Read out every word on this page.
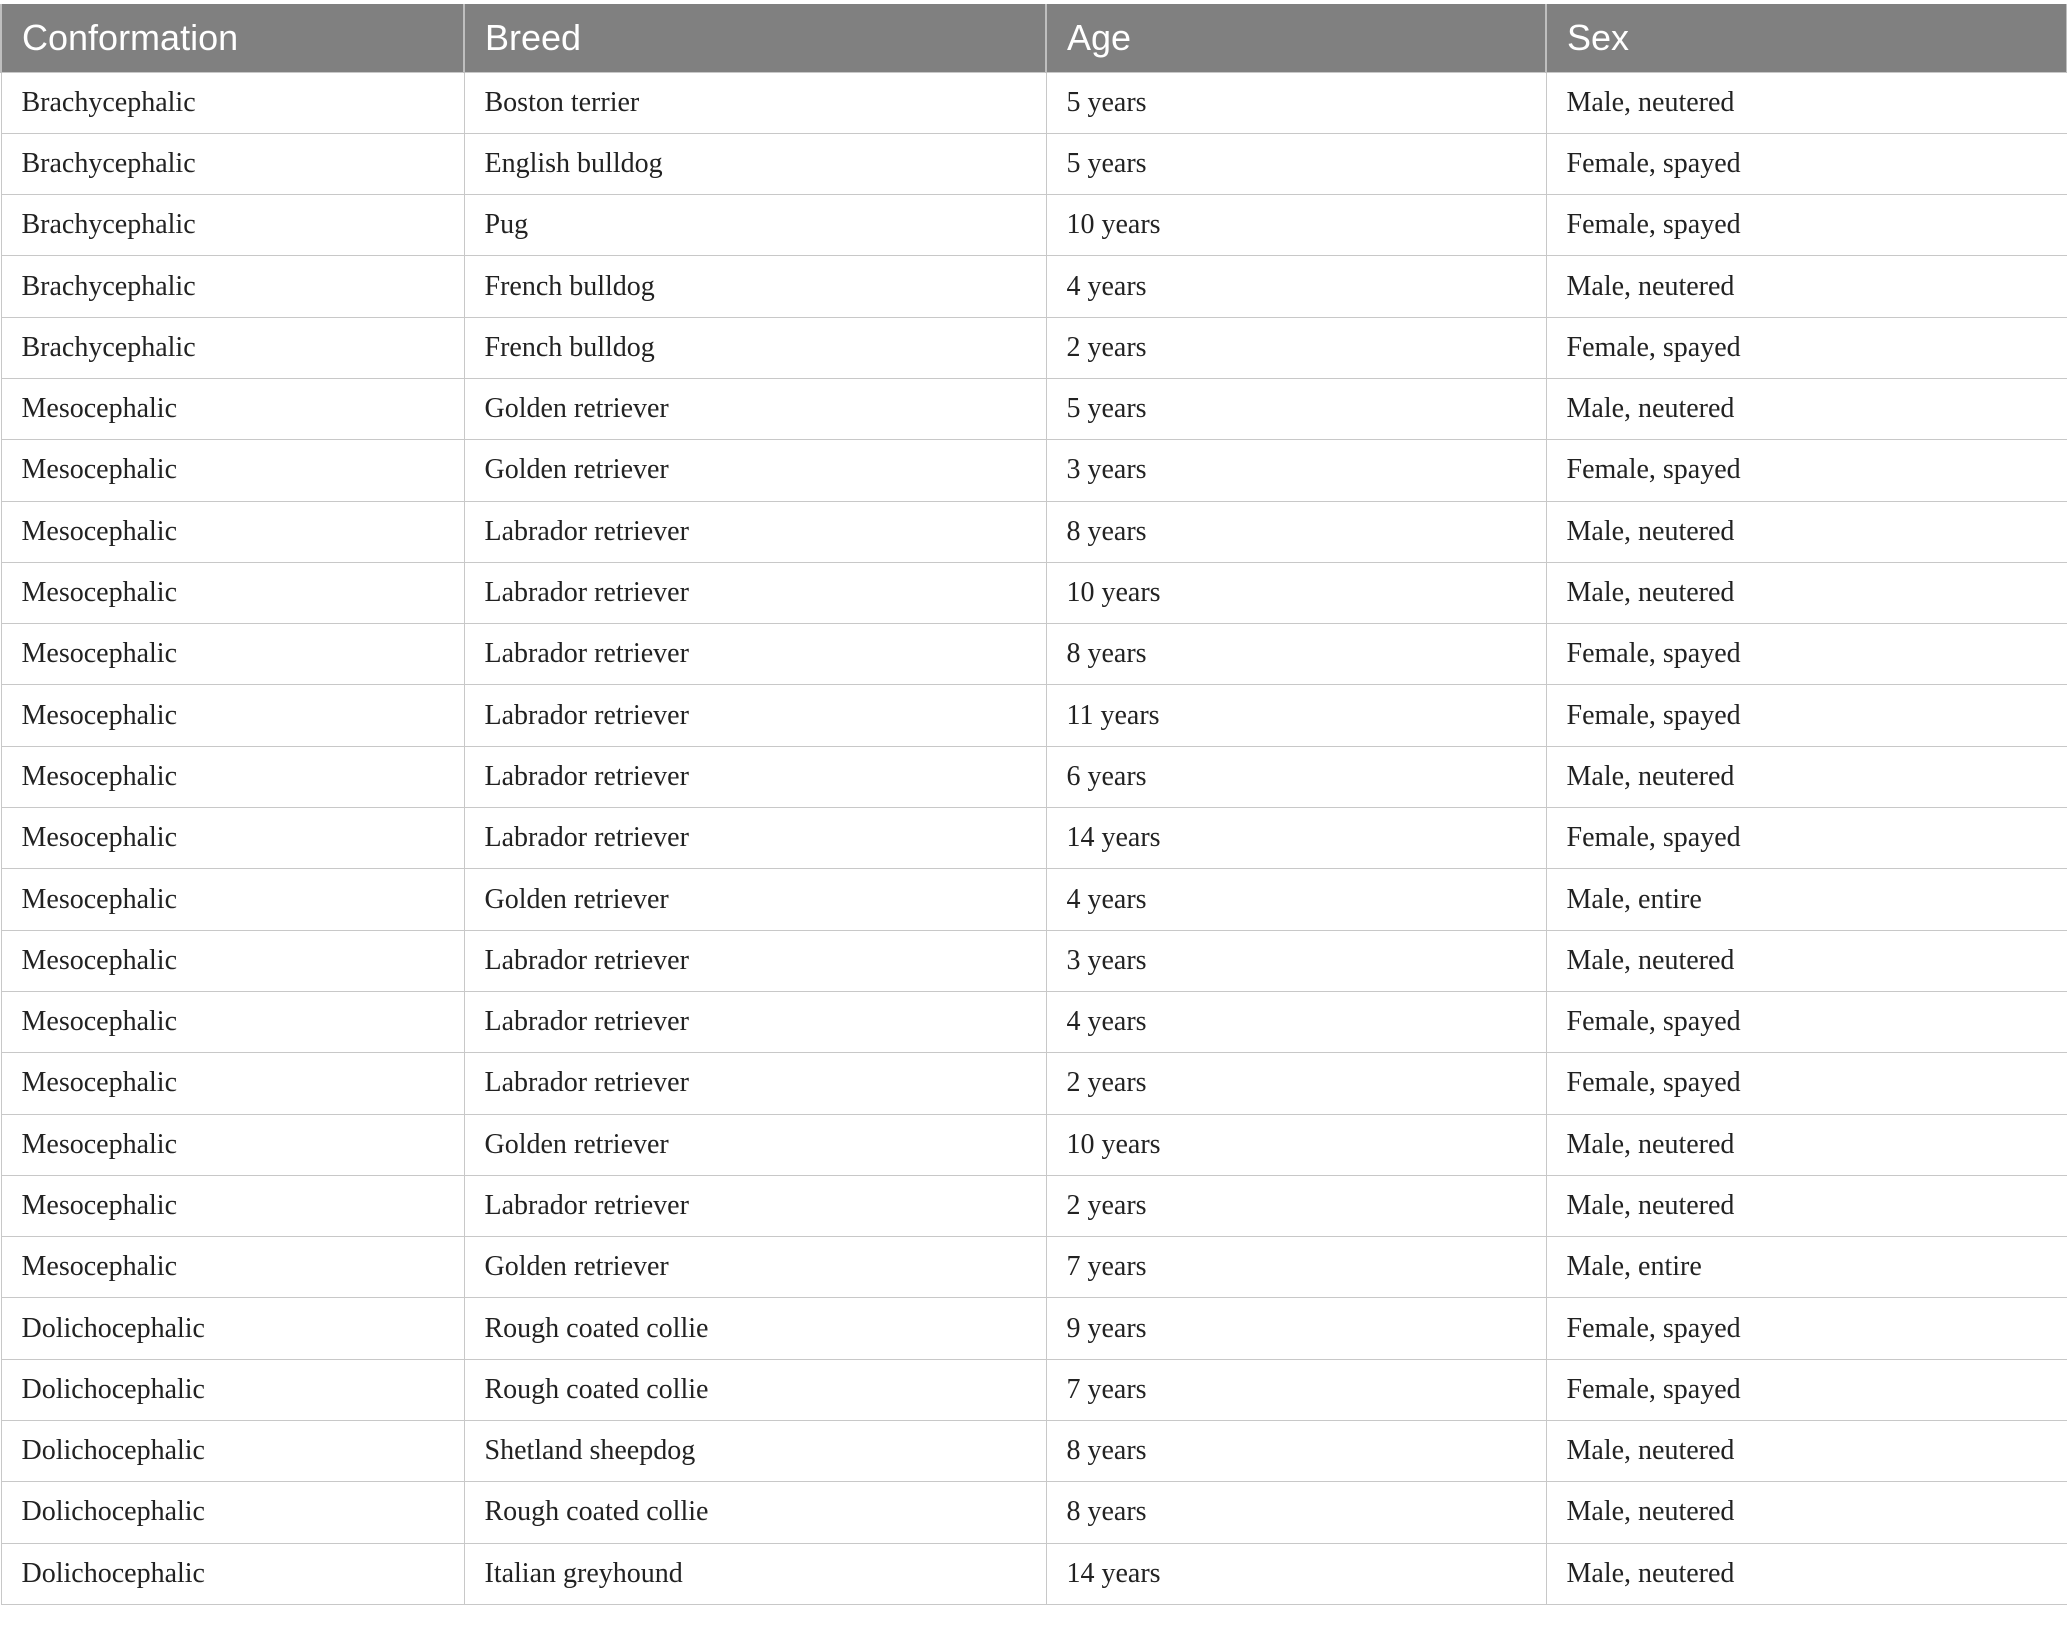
Conformation	Breed	Age	Sex
Brachycephalic	Boston terrier	5 years	Male, neutered
Brachycephalic	English bulldog	5 years	Female, spayed
Brachycephalic	Pug	10 years	Female, spayed
Brachycephalic	French bulldog	4 years	Male, neutered
Brachycephalic	French bulldog	2 years	Female, spayed
Mesocephalic	Golden retriever	5 years	Male, neutered
Mesocephalic	Golden retriever	3 years	Female, spayed
Mesocephalic	Labrador retriever	8 years	Male, neutered
Mesocephalic	Labrador retriever	10 years	Male, neutered
Mesocephalic	Labrador retriever	8 years	Female, spayed
Mesocephalic	Labrador retriever	11 years	Female, spayed
Mesocephalic	Labrador retriever	6 years	Male, neutered
Mesocephalic	Labrador retriever	14 years	Female, spayed
Mesocephalic	Golden retriever	4 years	Male, entire
Mesocephalic	Labrador retriever	3 years	Male, neutered
Mesocephalic	Labrador retriever	4 years	Female, spayed
Mesocephalic	Labrador retriever	2 years	Female, spayed
Mesocephalic	Golden retriever	10 years	Male, neutered
Mesocephalic	Labrador retriever	2 years	Male, neutered
Mesocephalic	Golden retriever	7 years	Male, entire
Dolichocephalic	Rough coated collie	9 years	Female, spayed
Dolichocephalic	Rough coated collie	7 years	Female, spayed
Dolichocephalic	Shetland sheepdog	8 years	Male, neutered
Dolichocephalic	Rough coated collie	8 years	Male, neutered
Dolichocephalic	Italian greyhound	14 years	Male, neutered
